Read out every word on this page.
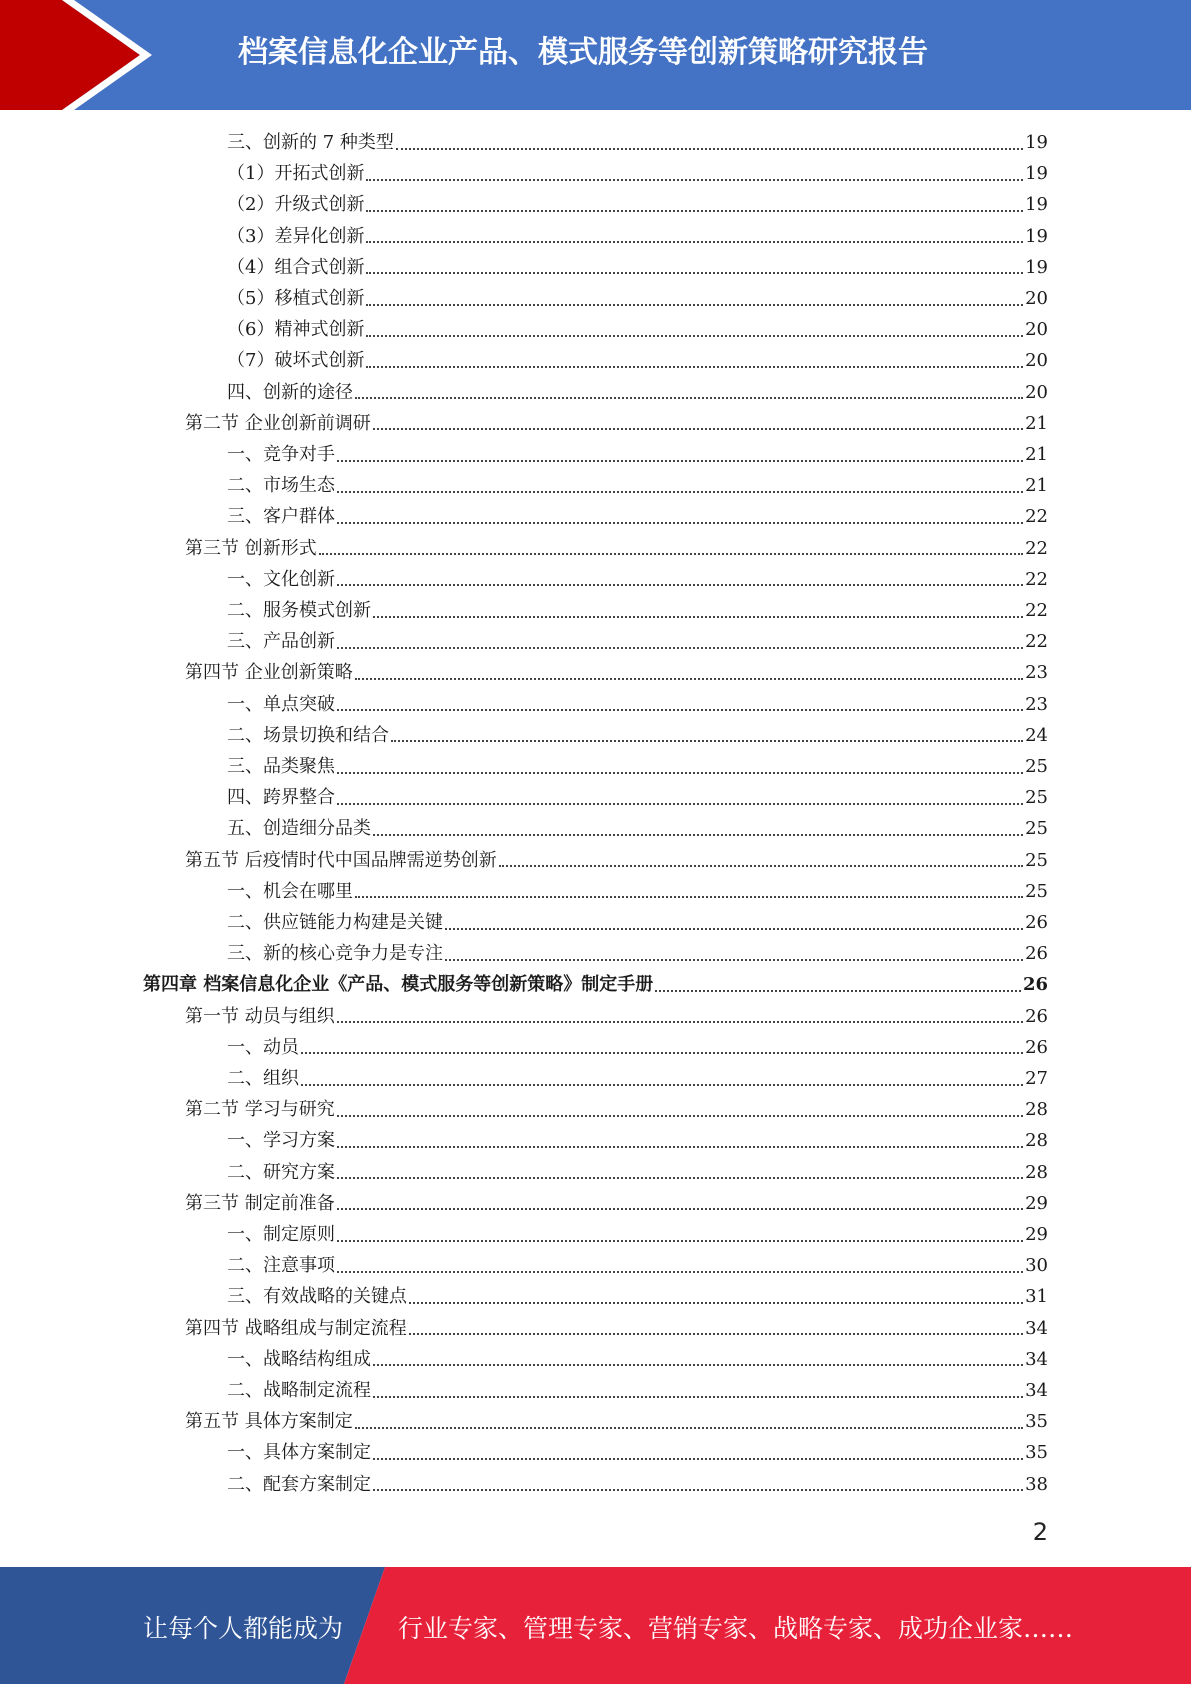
档案信息化企业产品、模式服务等创新策略研究报告
三、创新的 7 种类型	19
（1）开拓式创新	19
（2）升级式创新	19
（3）差异化创新	19
（4）组合式创新	19
（5）移植式创新	20
（6）精神式创新	20
（7）破坏式创新	20
四、创新的途径	20
第二节 企业创新前调研	21
一、竞争对手	21
二、市场生态	21
三、客户群体	22
第三节 创新形式	22
一、文化创新	22
二、服务模式创新	22
三、产品创新	22
第四节 企业创新策略	23
一、单点突破	23
二、场景切换和结合	24
三、品类聚焦	25
四、跨界整合	25
五、创造细分品类	25
第五节 后疫情时代中国品牌需逆势创新	25
一、机会在哪里	25
二、供应链能力构建是关键	26
三、新的核心竞争力是专注	26
第四章 档案信息化企业《产品、模式服务等创新策略》制定手册	26
第一节 动员与组织	26
一、动员	26
二、组织	27
第二节 学习与研究	28
一、学习方案	28
二、研究方案	28
第三节 制定前准备	29
一、制定原则	29
二、注意事项	30
三、有效战略的关键点	31
第四节 战略组成与制定流程	34
一、战略结构组成	34
二、战略制定流程	34
第五节 具体方案制定	35
一、具体方案制定	35
二、配套方案制定	38
2
让每个人都能成为 行业专家、管理专家、营销专家、战略专家、成功企业家……
